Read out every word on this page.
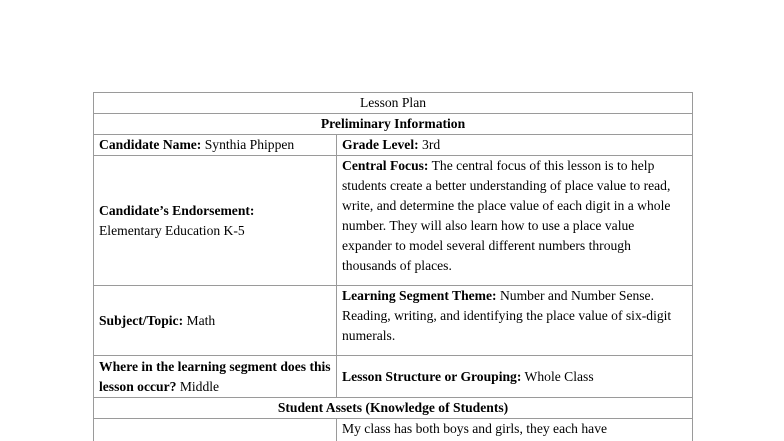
Lesson Plan	
Preliminary Information	
Candidate Name: Synthia Phippen	Grade Level: 3rd
Candidate’s Endorsement:
Elementary Education K-5	Central Focus: The central focus of this lesson is to help students create a better understanding of place value to read, write, and determine the place value of each digit in a whole number. They will also learn how to use a place value expander to model several different numbers through thousands of places.
Subject/Topic: Math	Learning Segment Theme: Number and Number Sense. Reading, writing, and identifying the place value of six-digit numerals.
Where in the learning segment does this lesson occur? Middle	Lesson Structure or Grouping: Whole Class
Student Assets (Knowledge of Students)	
	My class has both boys and girls, they each have
